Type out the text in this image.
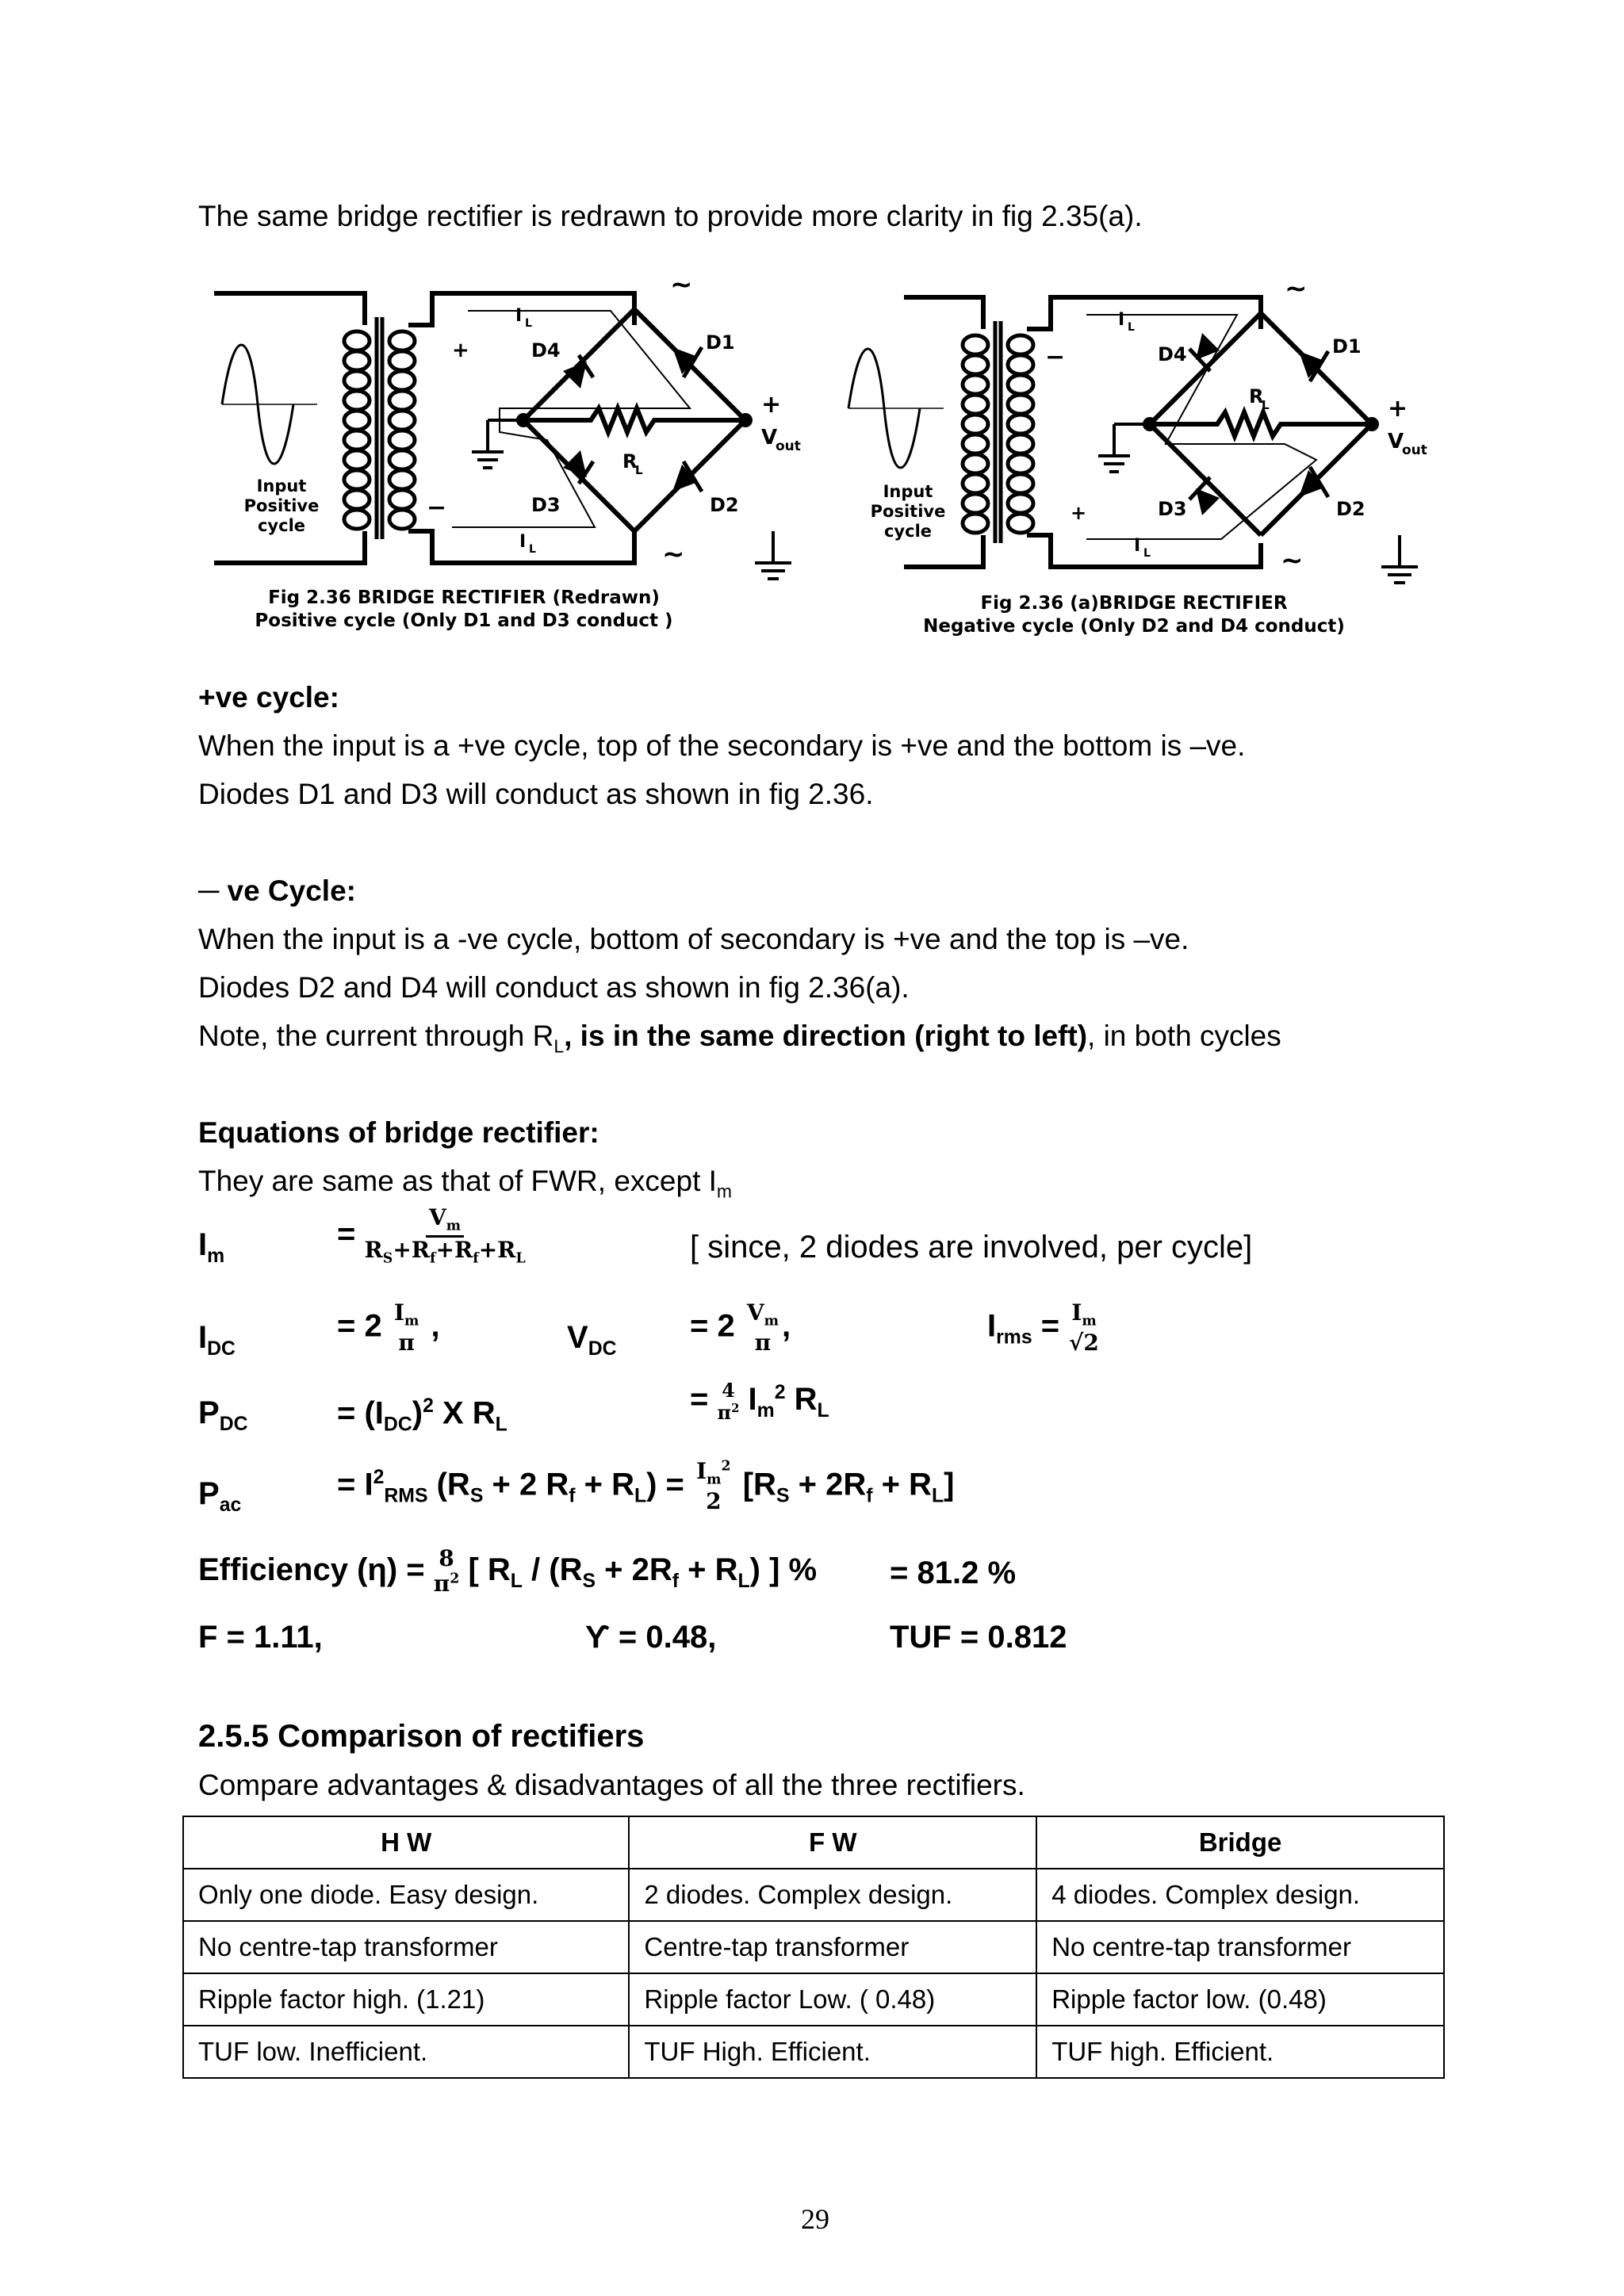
The same bridge rectifier is redrawn to provide more clarity in fig 2.35(a).
Input
Positive
cycle
+
−
D4	D1
D3	D2
R
L
+
V
out
I L
I L
~
~
Fig 2.36 BRIDGE RECTIFIER (Redrawn)
Positive cycle (Only D1 and D3 conduct )
Input
Positive
cycle
−
+
D4	D1
D3	D2
R
L	+
V
out
I L
I L
~
~
Fig 2.36 (a)BRIDGE RECTIFIER
Negative cycle (Only D2 and D4 conduct)
+ve cycle:
When the input is a +ve cycle, top of the secondary is +ve and the bottom is –ve.
Diodes D1 and D3 will conduct as shown in fig 2.36.
─ ve Cycle:
When the input is a -ve cycle, bottom of secondary is +ve and the top is –ve.
Diodes D2 and D4 will conduct as shown in fig 2.36(a).
Note, the current through $R_L$, is in the same direction (right to left), in both cycles
Equations of bridge rectifier:
They are same as that of FWR, except $I_m$
$I_m$
= $\frac{V_m}{R_S+R_f+R_f+R_L}$	[ since, 2 diodes are involved, per cycle]
$I_{DC}$
= 2 $I_m$
π ,	$V_{DC}$
= 2 $V_m$
π ,	$I_{rms} = I_m$
√2
$P_{DC}$	= $(I_{DC})^2$ X $R_L$
= 4
$\pi^2$ $I_m^2$ $R_L$
$P_{ac}$
= $I^2_{RMS}$ ($R_S + 2$ $R_f + R_L) = I_m^2$
2 $[R_S + 2R_f + R_L]$
Efficiency (η) = 8
$\pi^2$ [ $R_L / (R_S + 2R_f + R_L)$ ] % = 81.2 %
F = 1.11,	ϒ = 0.48,	TUF = 0.812
2.5.5 Comparison of rectifiers
Compare advantages & disadvantages of all the three rectifiers.
H W	F W	Bridge
Only one diode. Easy design.	2 diodes. Complex design.	4 diodes. Complex design.
No centre-tap transformer	Centre-tap transformer	No centre-tap transformer
Ripple factor high. (1.21)	Ripple factor Low. ( 0.48)	Ripple factor low. (0.48)
TUF low. Inefficient.	TUF High. Efficient.	TUF high. Efficient.
29
